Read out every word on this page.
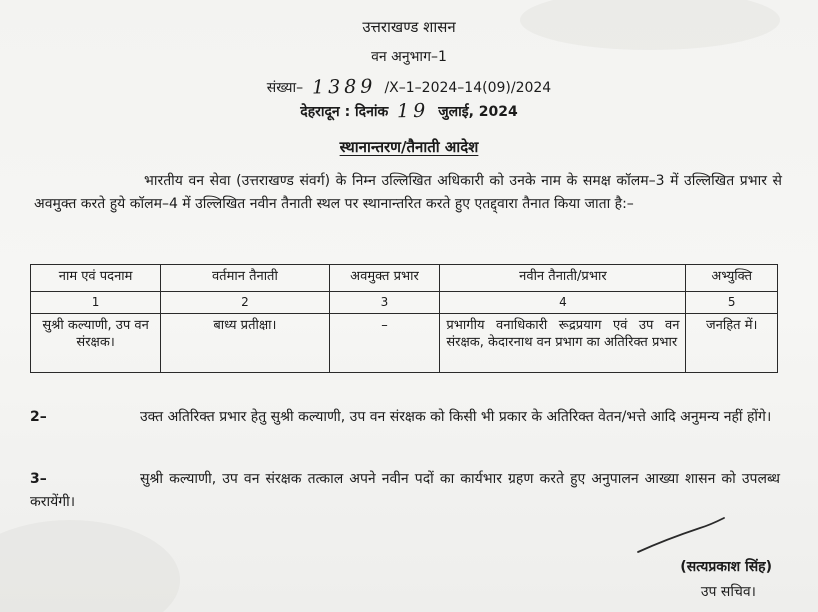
उत्तराखण्ड शासन
वन अनुभाग–1
संख्या– 1389 /X–1–2024–14(09)/2024
देहरादून : दिनांक 19 जुलाई, 2024
स्थानान्तरण/तैनाती आदेश
भारतीय वन सेवा (उत्तराखण्ड संवर्ग) के निम्न उल्लिखित अधिकारी को उनके नाम के समक्ष कॉलम–3 में उल्लिखित प्रभार से अवमुक्त करते हुये कॉलम–4 में उल्लिखित नवीन तैनाती स्थल पर स्थानान्तरित करते हुए एतद्द्वारा तैनात किया जाता है:–
नाम एवं पदनाम	वर्तमान तैनाती	अवमुक्त प्रभार	नवीन तैनाती/प्रभार	अभ्युक्ति
1	2	3	4	5
सुश्री कल्याणी, उप वन संरक्षक।	बाध्य प्रतीक्षा।	–	प्रभागीय वनाधिकारी रूद्रप्रयाग एवं उप वन संरक्षक, केदारनाथ वन प्रभाग का अतिरिक्त प्रभार	जनहित में।
2–	उक्त अतिरिक्त प्रभार हेतु सुश्री कल्याणी, उप वन संरक्षक को किसी भी प्रकार के अतिरिक्त वेतन/भत्ते आदि अनुमन्य नहीं होंगे।
3–	सुश्री कल्याणी, उप वन संरक्षक तत्काल अपने नवीन पदों का कार्यभार ग्रहण करते हुए अनुपालन आख्या शासन को उपलब्ध करायेंगी।
(सत्यप्रकाश सिंह)
उप सचिव।
